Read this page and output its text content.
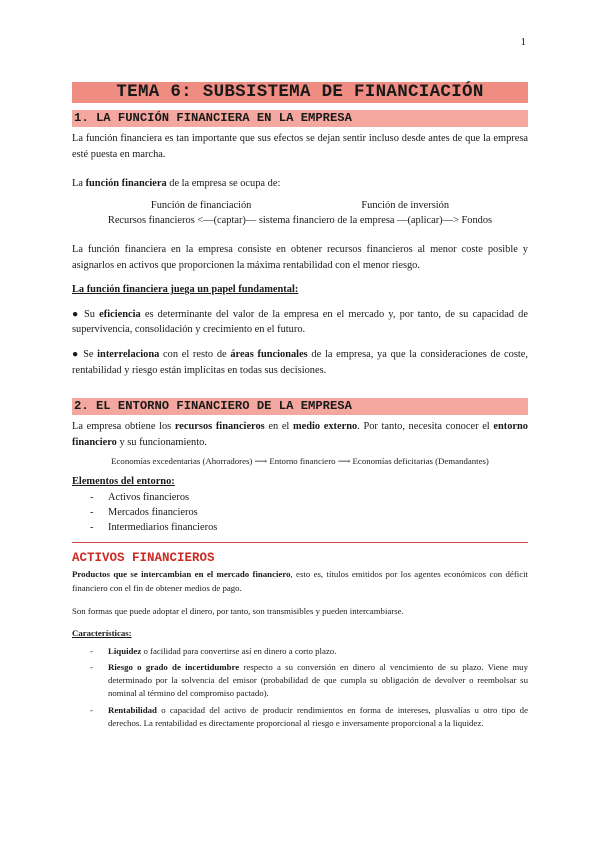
1
TEMA 6: SUBSISTEMA DE FINANCIACIÓN
1. LA FUNCIÓN FINANCIERA EN LA EMPRESA

La función financiera es tan importante que sus efectos se dejan sentir incluso desde antes de que la empresa esté puesta en marcha.

La función financiera de la empresa se ocupa de:

Función de financiación	Función de inversión
Recursos financieros <—(captar)— sistema financiero de la empresa —(aplicar)—> Fondos

La función financiera en la empresa consiste en obtener recursos financieros al menor coste posible y asignarlos en activos que proporcionen la máxima rentabilidad con el menor riesgo.

La función financiera juega un papel fundamental:

● Su eficiencia es determinante del valor de la empresa en el mercado y, por tanto, de su capacidad de supervivencia, consolidación y crecimiento en el futuro.

● Se interrelaciona con el resto de áreas funcionales de la empresa, ya que la consideraciones de coste, rentabilidad y riesgo están implícitas en todas sus decisiones.

2. EL ENTORNO FINANCIERO DE LA EMPRESA

La empresa obtiene los recursos financieros en el medio externo. Por tanto, necesita conocer el entorno financiero y su funcionamiento.

Economías excedentarias (Ahorradores) ⟶ Entorno financiero ⟶ Economías deficitarias (Demandantes)
Elementos del entorno:
- Activos financieros
- Mercados financieros
- Intermediarios financieros
ACTIVOS FINANCIEROS

Productos que se intercambian en el mercado financiero, esto es, títulos emitidos por los agentes económicos con déficit financiero con el fin de obtener medios de pago.

Son formas que puede adoptar el dinero, por tanto, son transmisibles y pueden intercambiarse.

Características:
- Liquidez o facilidad para convertirse así en dinero a corto plazo.
- Riesgo o grado de incertidumbre respecto a su conversión en dinero al vencimiento de su plazo. Viene muy determinado por la solvencia del emisor (probabilidad de que cumpla su obligación de devolver o reembolsar su nominal al término del compromiso pactado).
- Rentabilidad o capacidad del activo de producir rendimientos en forma de intereses, plusvalías u otro tipo de derechos. La rentabilidad es directamente proporcional al riesgo e inversamente proporcional a la liquidez.
